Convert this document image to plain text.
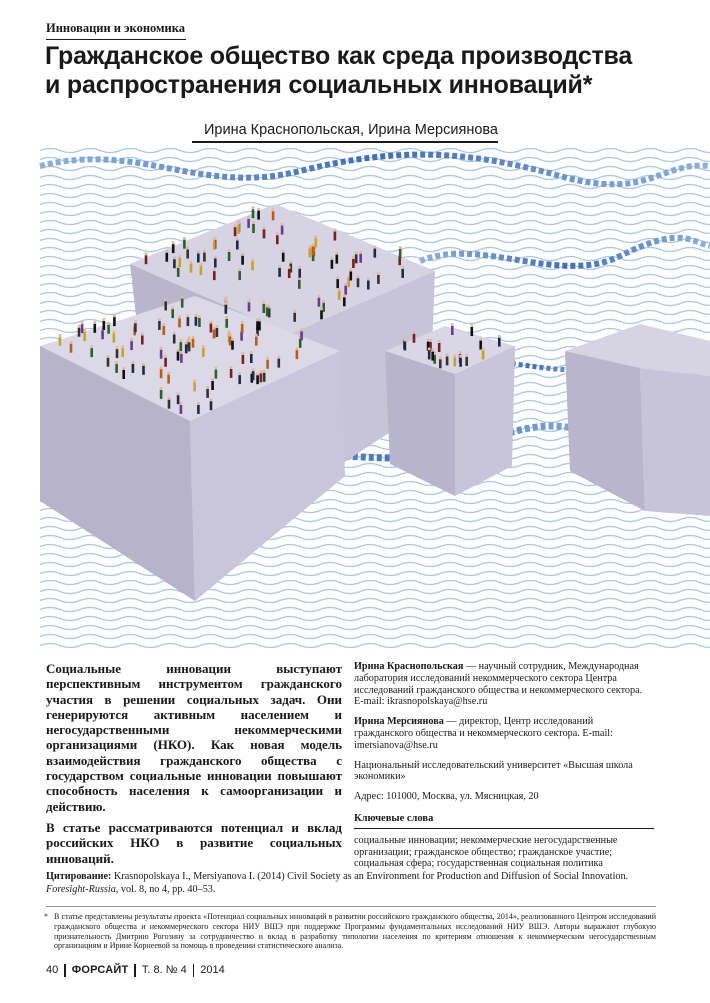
Инновации и экономика
Гражданское общество как среда производства
и распространения социальных инноваций*
Ирина Краснопольская, Ирина Мерсиянова

Социальные инновации выступают перспективным инструментом гражданского участия в решении социальных задач. Они генерируются активным населением и негосударственными некоммерческими организациями (НКО). Как новая модель взаимодействия гражданского общества с государством социальные инновации повышают способность населения к самоорганизации и действию.

В статье рассматриваются потенциал и вклад российских НКО в развитие социальных инноваций.

Ирина Краснопольская — научный сотрудник, Международная лаборатория исследований некоммерческого сектора Центра исследований гражданского общества и некоммерческого сектора. E-mail: ikrasnopolskaya@hse.ru

Ирина Мерсиянова — директор, Центр исследований гражданского общества и некоммерческого сектора. E-mail: imersianova@hse.ru

Национальный исследовательский университет «Высшая школа экономики»

Адрес: 101000, Москва, ул. Мясницкая, 20

Ключевые слова
социальные инновации; некоммерческие негосударственные организации; гражданское общество; гражданское участие; социальная сфера; государственная социальная политика
Цитирование: Krasnopolskaya I., Mersiyanova I. (2014) Civil Society as an Environment for Production and Diffusion of Social Innovation. Foresight-Russia, vol. 8, no 4, pp. 40–53.
* В статье представлены результаты проекта «Потенциал социальных инноваций в развитии российского гражданского общества, 2014», реализованного Центром исследований гражданского общества и некоммерческого сектора НИУ ВШЭ при поддержке Программы фундаментальных исследований НИУ ВШЭ. Авторы выражают глубокую признательность Дмитрию Рогозину за сотрудничество и вклад в разработку типологии населения по критериям отношения к некоммерческим негосударственным организациям и Ирине Корнеевой за помощь в проведении статистического анализа.
40 ФОРСАЙТ Т. 8. № 4 2014
